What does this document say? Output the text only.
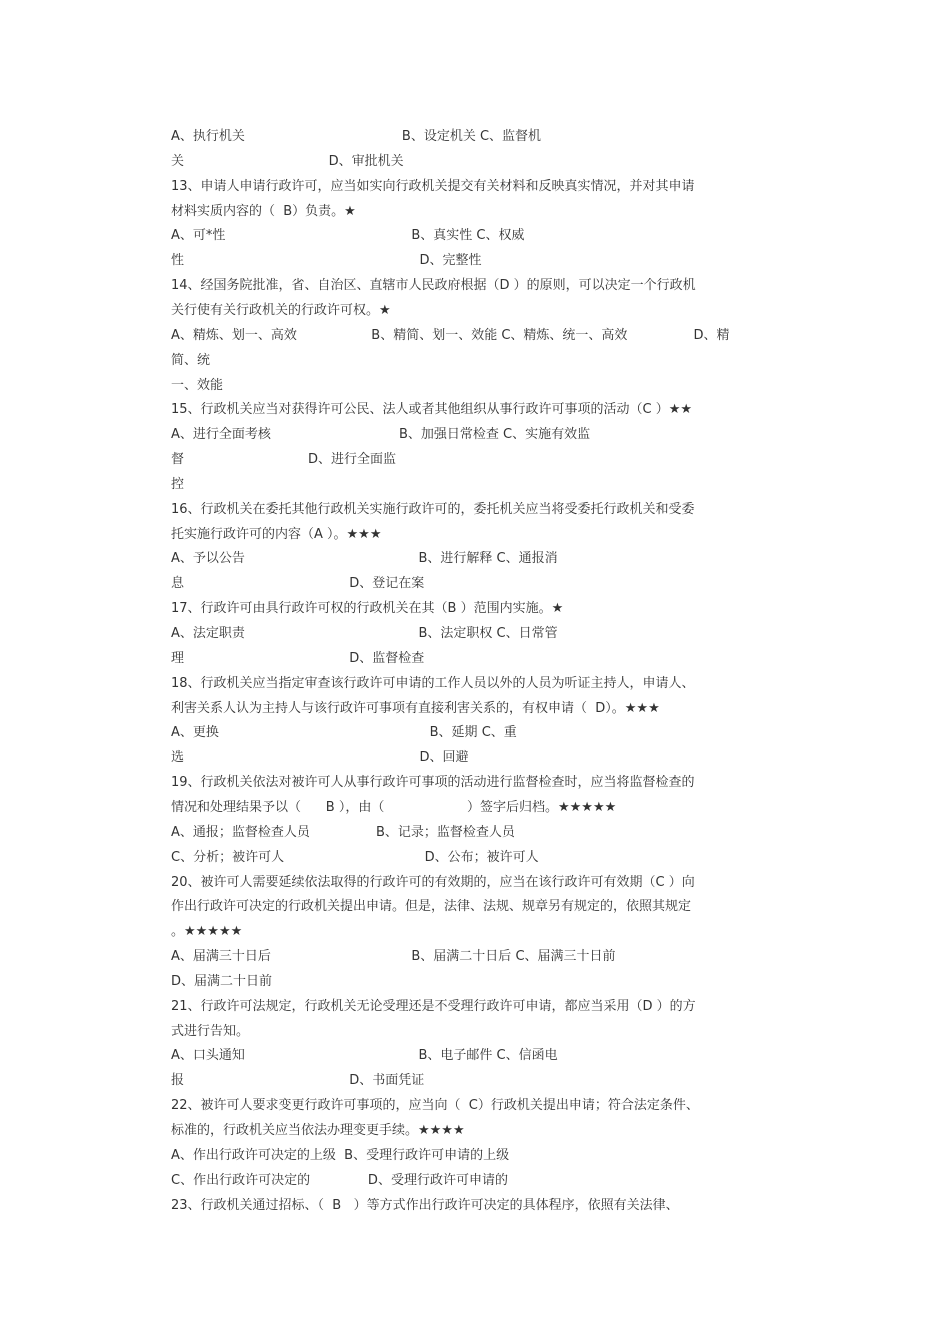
A、执行机关                                      B、设定机关 C、监督机
关                                   D、审批机关
13、申请人申请行政许可，应当如实向行政机关提交有关材料和反映真实情况，并对其申请
材料实质内容的（  B）负责。★
A、可*性                                             B、真实性 C、权威
性                                                         D、完整性
14、经国务院批准，省、自治区、直辖市人民政府根据（D ）的原则，可以决定一个行政机
关行使有关行政机关的行政许可权。★
A、精炼、划一、高效                  B、精简、划一、效能 C、精炼、统一、高效                D、精
简、统
一、效能
15、行政机关应当对获得许可公民、法人或者其他组织从事行政许可事项的活动（C ）★★
A、进行全面考核                               B、加强日常检查 C、实施有效监
督                              D、进行全面监
控
16、行政机关在委托其他行政机关实施行政许可的，委托机关应当将受委托行政机关和受委
托实施行政许可的内容（A ）。★★★
A、予以公告                                          B、进行解释 C、通报消
息                                        D、登记在案
17、行政许可由具行政许可权的行政机关在其（B ）范围内实施。★
A、法定职责                                          B、法定职权 C、日常管
理                                        D、监督检查
18、行政机关应当指定审查该行政许可申请的工作人员以外的人员为听证主持人，申请人、
利害关系人认为主持人与该行政许可事项有直接利害关系的，有权申请（  D）。★★★
A、更换                                                   B、延期 C、重
选                                                         D、回避
19、行政机关依法对被许可人从事行政许可事项的活动进行监督检查时，应当将监督检查的
情况和处理结果予以（      B ），由（                    ）签字后归档。★★★★★
A、通报；监督检查人员                B、记录；监督检查人员
C、分析；被许可人                                  D、公布；被许可人
20、被许可人需要延续依法取得的行政许可的有效期的，应当在该行政许可有效期（C ）向
作出行政许可决定的行政机关提出申请。但是，法律、法规、规章另有规定的，依照其规定
。★★★★★
A、届满三十日后                                  B、届满二十日后 C、届满三十日前
D、届满二十日前
21、行政许可法规定，行政机关无论受理还是不受理行政许可申请，都应当采用（D ）的方
式进行告知。
A、口头通知                                          B、电子邮件 C、信函电
报                                        D、书面凭证
22、被许可人要求变更行政许可事项的，应当向（  C）行政机关提出申请；符合法定条件、
标准的，行政机关应当依法办理变更手续。★★★★
A、作出行政许可决定的上级  B、受理行政许可申请的上级
C、作出行政许可决定的              D、受理行政许可申请的
23、行政机关通过招标、（  B   ）等方式作出行政许可决定的具体程序，依照有关法律、
